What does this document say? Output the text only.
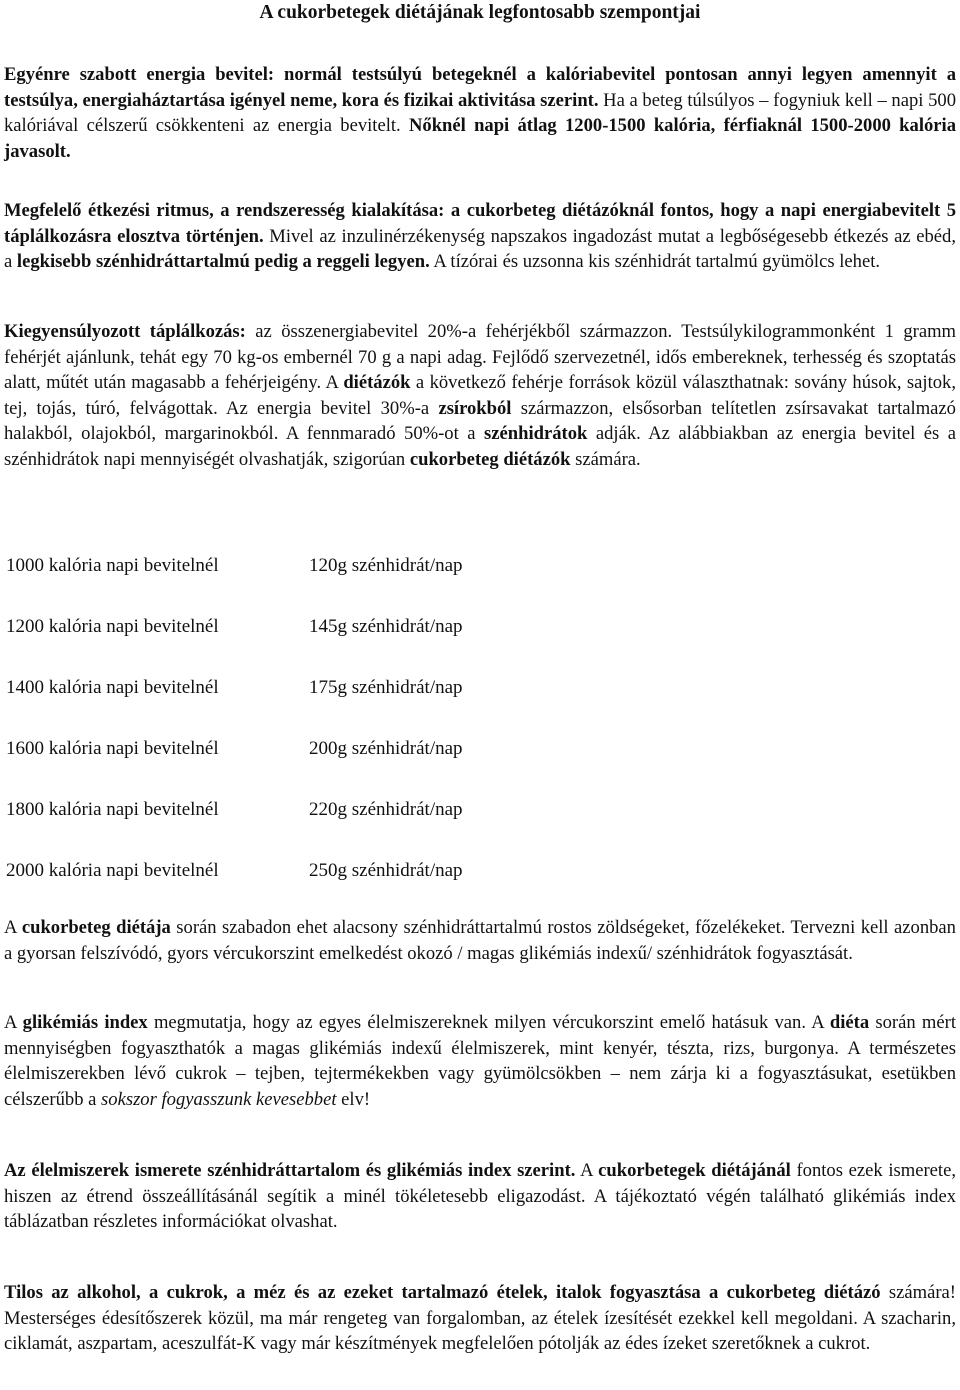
A cukorbetegek diétájának legfontosabb szempontjai

Egyénre szabott energia bevitel: normál testsúlyú betegeknél a kalóriabevitel pontosan annyi legyen amennyit a testsúlya, energiaháztartása igényel neme, kora és fizikai aktivitása szerint. Ha a beteg túlsúlyos – fogyniuk kell – napi 500 kalóriával célszerű csökkenteni az energia bevitelt. Nőknél napi átlag 1200-1500 kalória, férfiaknál 1500-2000 kalória javasolt.

Megfelelő étkezési ritmus, a rendszeresség kialakítása: a cukorbeteg diétázóknál fontos, hogy a napi energiabevitelt 5 táplálkozásra elosztva történjen. Mivel az inzulinérzékenység napszakos ingadozást mutat a legbőségesebb étkezés az ebéd, a legkisebb szénhidráttartalmú pedig a reggeli legyen. A tízórai és uzsonna kis szénhidrát tartalmú gyümölcs lehet.

Kiegyensúlyozott táplálkozás: az összenergiabevitel 20%-a fehérjékből származzon. Testsúlykilogrammonként 1 gramm fehérjét ajánlunk, tehát egy 70 kg-os embernél 70 g a napi adag. Fejlődő szervezetnél, idős embereknek, terhesség és szoptatás alatt, műtét után magasabb a fehérjeigény. A diétázók a következő fehérje források közül választhatnak: sovány húsok, sajtok, tej, tojás, túró, felvágottak. Az energia bevitel 30%-a zsírokból származzon, elsősorban telítetlen zsírsavakat tartalmazó halakból, olajokból, margarinokból. A fennmaradó 50%-ot a szénhidrátok adják. Az alábbiakban az energia bevitel és a szénhidrátok napi mennyiségét olvashatják, szigorúan cukorbeteg diétázók számára.

1000 kalória napi bevitelnél	120g szénhidrát/nap
1200 kalória napi bevitelnél	145g szénhidrát/nap
1400 kalória napi bevitelnél	175g szénhidrát/nap
1600 kalória napi bevitelnél	200g szénhidrát/nap
1800 kalória napi bevitelnél	220g szénhidrát/nap
2000 kalória napi bevitelnél	250g szénhidrát/nap

A cukorbeteg diétája során szabadon ehet alacsony szénhidráttartalmú rostos zöldségeket, főzelékeket. Tervezni kell azonban a gyorsan felszívódó, gyors vércukorszint emelkedést okozó / magas glikémiás indexű/ szénhidrátok fogyasztását.

A glikémiás index megmutatja, hogy az egyes élelmiszereknek milyen vércukorszint emelő hatásuk van. A diéta során mért mennyiségben fogyaszthatók a magas glikémiás indexű élelmiszerek, mint kenyér, tészta, rizs, burgonya. A természetes élelmiszerekben lévő cukrok – tejben, tejtermékekben vagy gyümölcsökben – nem zárja ki a fogyasztásukat, esetükben célszerűbb a sokszor fogyasszunk kevesebbet elv!

Az élelmiszerek ismerete szénhidráttartalom és glikémiás index szerint. A cukorbetegek diétájánál fontos ezek ismerete, hiszen az étrend összeállításánál segítik a minél tökéletesebb eligazodást. A tájékoztató végén található glikémiás index táblázatban részletes információkat olvashat.

Tilos az alkohol, a cukrok, a méz és az ezeket tartalmazó ételek, italok fogyasztása a cukorbeteg diétázó számára! Mesterséges édesítőszerek közül, ma már rengeteg van forgalomban, az ételek ízesítését ezekkel kell megoldani. A szacharin, ciklamát, aszpartam, aceszulfát-K vagy már készítmények megfelelően pótolják az édes ízeket szeretőknek a cukrot.
